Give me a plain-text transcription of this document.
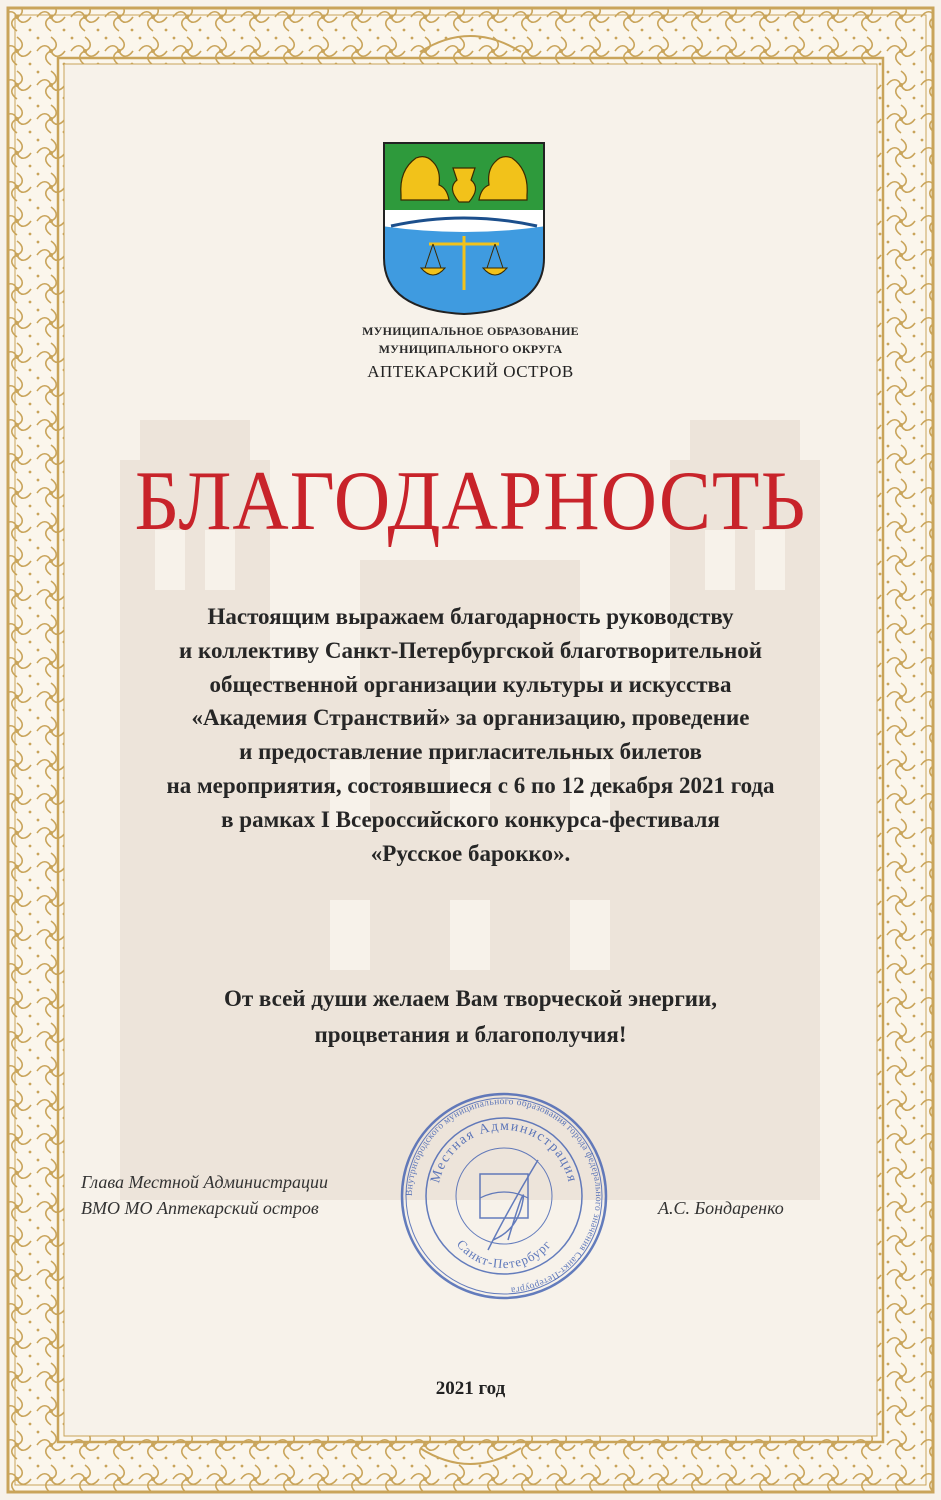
МУНИЦИПАЛЬНОЕ ОБРАЗОВАНИЕ
МУНИЦИПАЛЬНОГО ОКРУГА
АПТЕКАРСКИЙ ОСТРОВ
БЛАГОДАРНОСТЬ
Настоящим выражаем благодарность руководству
и коллективу Санкт-Петербургской благотворительной
общественной организации культуры и искусства
«Академия Странствий» за организацию, проведение
и предоставление пригласительных билетов
на мероприятия, состоявшиеся с 6 по 12 декабря 2021 года
в рамках I Всероссийского конкурса-фестиваля
«Русское барокко».
От всей души желаем Вам творческой энергии,
процветания и благополучия!
Глава Местной Администрации
ВМО МО Аптекарский остров	А.С. Бондаренко
Внутригородского муниципального образования города федерального значения Санкт-Петербурга
Местная Администрация
Санкт-Петербург
2021 год
